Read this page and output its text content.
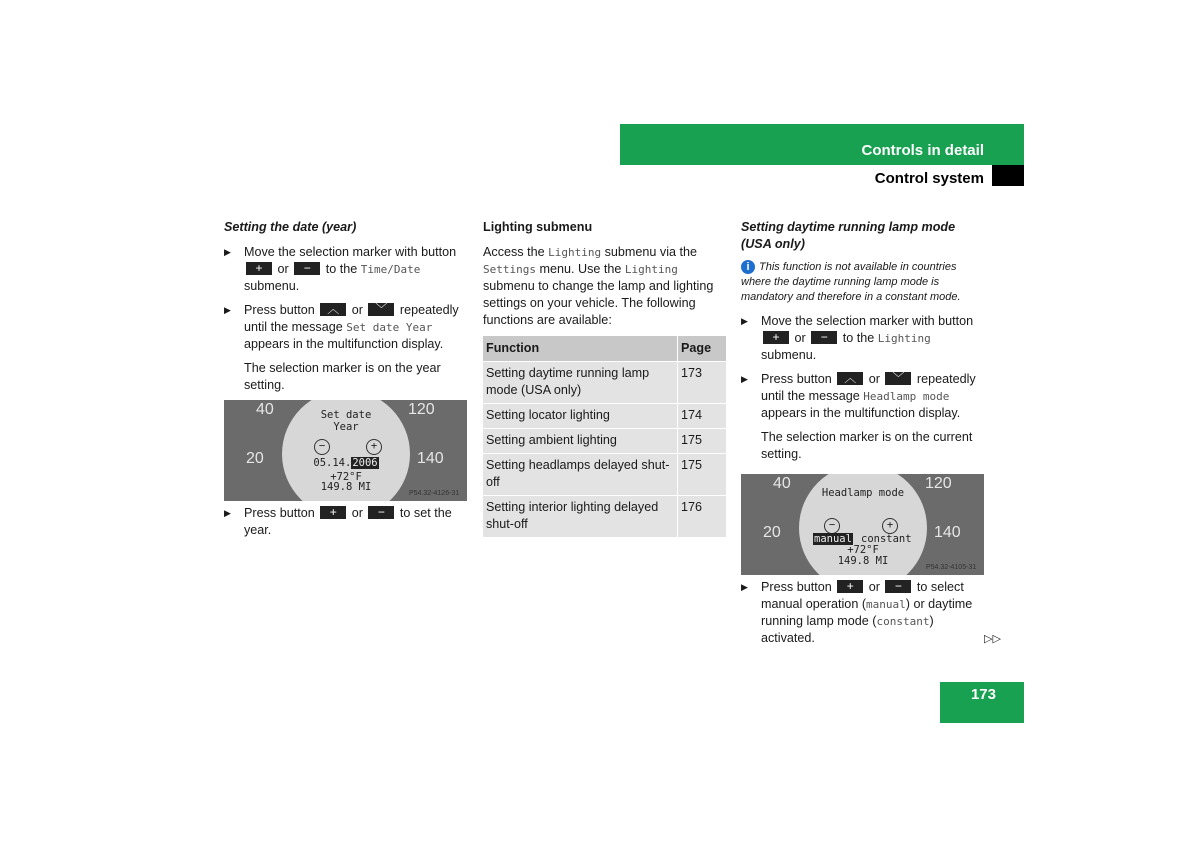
Controls in detail
Control system
Setting the date (year)
▶ Move the selection marker with button + or − to the Time/Date submenu.
▶ Press button ︿ or ﹀ repeatedly until the message Set date Year appears in the multifunction display.
The selection marker is on the year setting.
40	120
20	140
Set date
Year
−	+
05.14.2006
+72°F
149.8 MI
P54.32-4126-31
▶ Press button + or − to set the year.
Lighting submenu
Access the Lighting submenu via the Settings menu. Use the Lighting submenu to change the lamp and lighting settings on your vehicle. The following functions are available:
Function	Page
Setting daytime running lamp mode (USA only)	173
Setting locator lighting	174
Setting ambient lighting	175
Setting headlamps delayed shut-off	175
Setting interior lighting delayed shut-off	176
Setting daytime running lamp mode (USA only)
i This function is not available in countries where the daytime running lamp mode is mandatory and therefore in a constant mode.
▶ Move the selection marker with button + or − to the Lighting submenu.
▶ Press button ︿ or ﹀ repeatedly until the message Headlamp mode appears in the multifunction display.
The selection marker is on the current setting.
40	120
20	140
Headlamp mode
−	+
manual constant
+72°F
149.8 MI
P54.32-4105-31
▶ Press button + or − to select manual operation (manual) or daytime running lamp mode (constant) activated.	▷▷
173
